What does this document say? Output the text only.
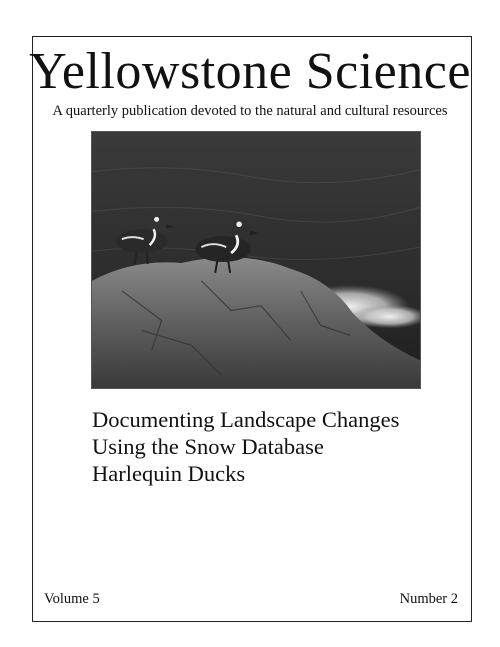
Yellowstone Science
A quarterly publication devoted to the natural and cultural resources
Documenting Landscape Changes
Using the Snow Database
Harlequin Ducks
Volume 5	Number 2
